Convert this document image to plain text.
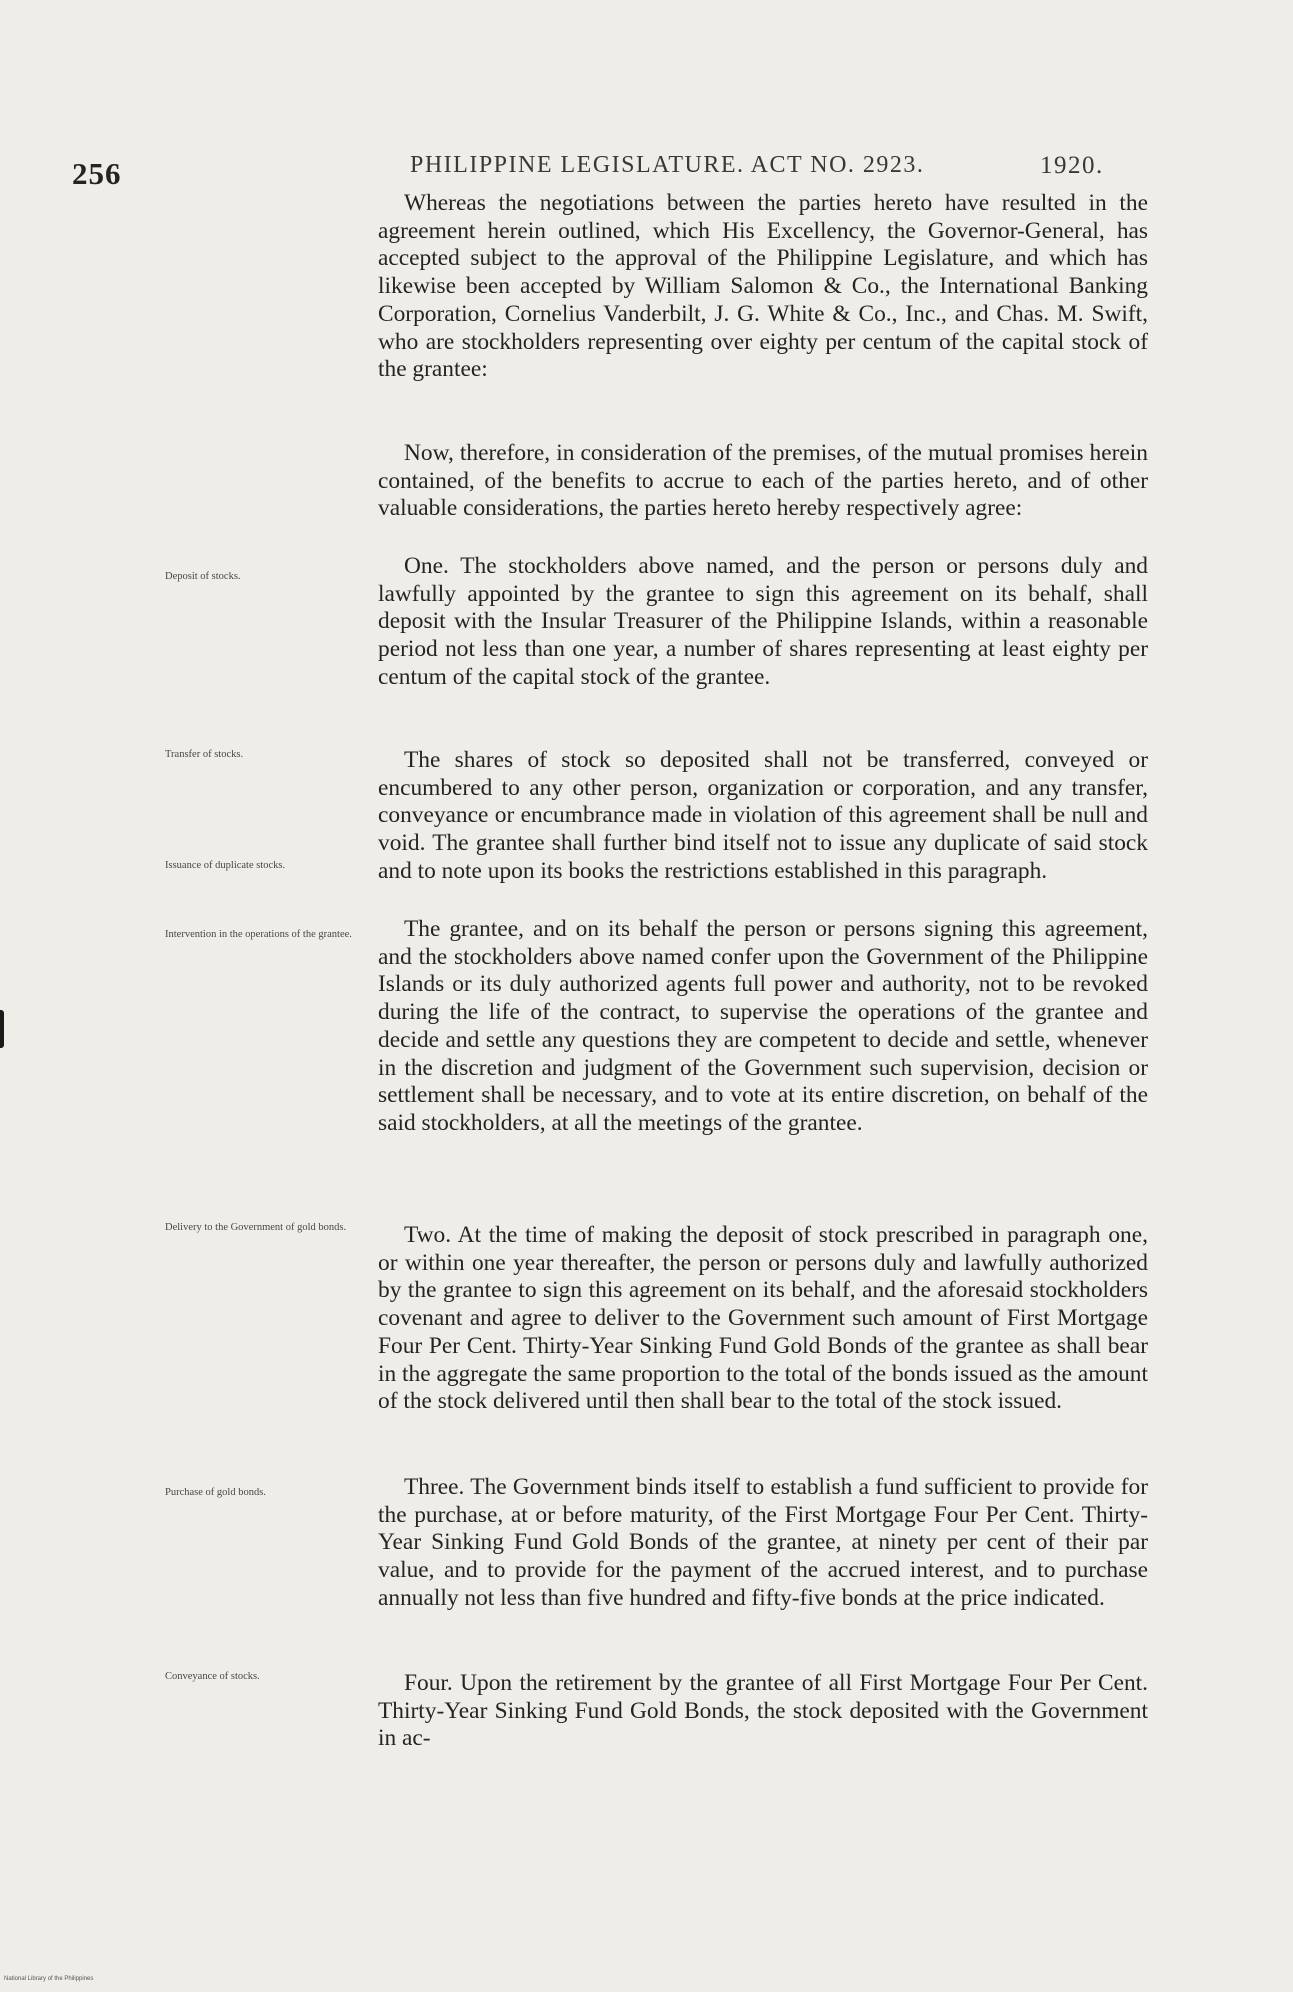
256	PHILIPPINE LEGISLATURE. ACT NO. 2923.	1920.
Deposit of stocks.
Transfer of stocks.
Issuance of duplicate stocks.
Intervention in the operations of the grantee.
Delivery to the Government of gold bonds.
Purchase of gold bonds.
Conveyance of stocks.

Whereas the negotiations between the parties hereto have resulted in the agreement herein outlined, which His Excellency, the Governor-General, has accepted subject to the approval of the Philippine Legislature, and which has likewise been accepted by William Salomon & Co., the International Banking Corporation, Cornelius Vanderbilt, J. G. White & Co., Inc., and Chas. M. Swift, who are stockholders representing over eighty per centum of the capital stock of the grantee:

Now, therefore, in consideration of the premises, of the mutual promises herein contained, of the benefits to accrue to each of the parties hereto, and of other valuable considerations, the parties hereto hereby respectively agree:

One. The stockholders above named, and the person or persons duly and lawfully appointed by the grantee to sign this agreement on its behalf, shall deposit with the Insular Treasurer of the Philippine Islands, within a reasonable period not less than one year, a number of shares representing at least eighty per centum of the capital stock of the grantee.

The shares of stock so deposited shall not be transferred, conveyed or encumbered to any other person, organization or corporation, and any transfer, conveyance or encumbrance made in violation of this agreement shall be null and void. The grantee shall further bind itself not to issue any duplicate of said stock and to note upon its books the restrictions established in this paragraph.

The grantee, and on its behalf the person or persons signing this agreement, and the stockholders above named confer upon the Government of the Philippine Islands or its duly authorized agents full power and authority, not to be revoked during the life of the contract, to supervise the operations of the grantee and decide and settle any questions they are competent to decide and settle, whenever in the discretion and judgment of the Government such supervision, decision or settlement shall be necessary, and to vote at its entire discretion, on behalf of the said stockholders, at all the meetings of the grantee.

Two. At the time of making the deposit of stock prescribed in paragraph one, or within one year thereafter, the person or persons duly and lawfully authorized by the grantee to sign this agreement on its behalf, and the aforesaid stockholders covenant and agree to deliver to the Government such amount of First Mortgage Four Per Cent. Thirty-Year Sinking Fund Gold Bonds of the grantee as shall bear in the aggregate the same proportion to the total of the bonds issued as the amount of the stock delivered until then shall bear to the total of the stock issued.

Three. The Government binds itself to establish a fund sufficient to provide for the purchase, at or before maturity, of the First Mortgage Four Per Cent. Thirty-Year Sinking Fund Gold Bonds of the grantee, at ninety per cent of their par value, and to provide for the payment of the accrued interest, and to purchase annually not less than five hundred and fifty-five bonds at the price indicated.

Four. Upon the retirement by the grantee of all First Mortgage Four Per Cent. Thirty-Year Sinking Fund Gold Bonds, the stock deposited with the Government in ac-

National Library of the Philippines
